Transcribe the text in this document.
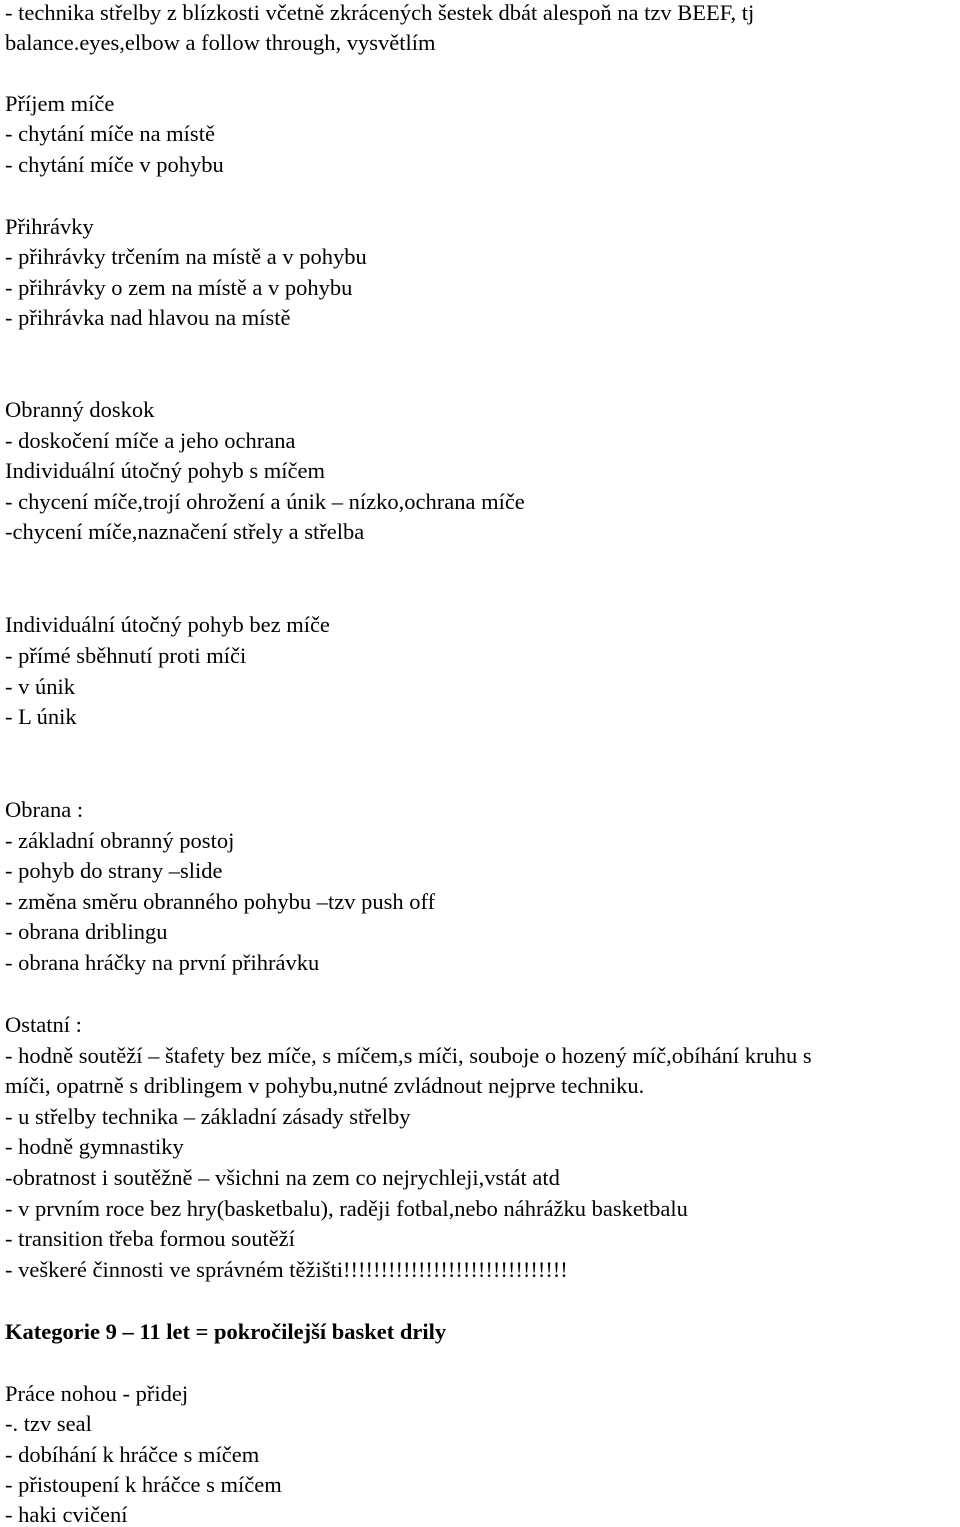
- technika střelby z blízkosti včetně zkrácených šestek dbát alespoň na tzv BEEF, tj
balance.eyes,elbow a follow through, vysvětlím
Příjem míče
- chytání míče na místě
- chytání míče v pohybu
Přihrávky
- přihrávky trčením na místě a v pohybu
- přihrávky o zem na místě a v pohybu
- přihrávka nad hlavou na místě
Obranný doskok
- doskočení míče a jeho ochrana
Individuální útočný pohyb s míčem
- chycení míče,trojí ohrožení a únik – nízko,ochrana míče
-chycení míče,naznačení střely a střelba
Individuální útočný pohyb bez míče
- přímé sběhnutí proti míči
- v únik
- L únik
Obrana :
- základní obranný postoj
- pohyb do strany –slide
- změna směru obranného pohybu –tzv push off
- obrana driblingu
- obrana hráčky na první přihrávku
Ostatní :
- hodně soutěží – štafety bez míče, s míčem,s míči, souboje o hozený míč,obíhání kruhu s
míči, opatrně s driblingem v pohybu,nutné zvládnout nejprve techniku.
- u střelby technika – základní zásady střelby
- hodně gymnastiky
-obratnost i soutěžně – všichni na zem co nejrychleji,vstát atd
- v prvním roce bez hry(basketbalu), raději fotbal,nebo náhrážku basketbalu
- transition třeba formou soutěží
- veškeré činnosti ve správném těžišti!!!!!!!!!!!!!!!!!!!!!!!!!!!!!!
Kategorie 9 – 11 let = pokročilejší basket drily
Práce nohou - přidej
-. tzv seal
- dobíhání k hráčce s míčem
- přistoupení k hráčce s míčem
- haki cvičení
